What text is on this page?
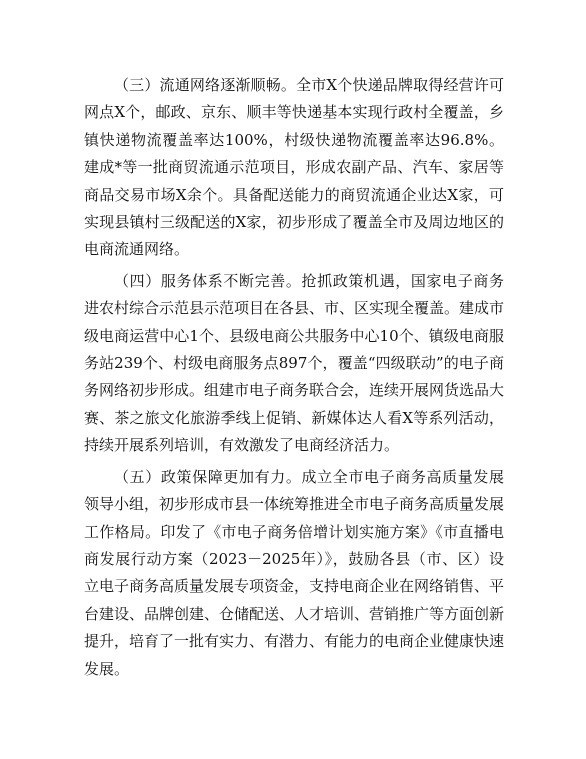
（三）流通网络逐渐顺畅。全市X个快递品牌取得经营许可网点X个，邮政、京东、顺丰等快递基本实现行政村全覆盖，乡镇快递物流覆盖率达100%，村级快递物流覆盖率达96.8%。建成*等一批商贸流通示范项目，形成农副产品、汽车、家居等商品交易市场X余个。具备配送能力的商贸流通企业达X家，可实现县镇村三级配送的X家，初步形成了覆盖全市及周边地区的电商流通网络。

（四）服务体系不断完善。抢抓政策机遇，国家电子商务进农村综合示范县示范项目在各县、市、区实现全覆盖。建成市级电商运营中心1个、县级电商公共服务中心10个、镇级电商服务站239个、村级电商服务点897个，覆盖“四级联动”的电子商务网络初步形成。组建市电子商务联合会，连续开展网货选品大赛、茶之旅文化旅游季线上促销、新媒体达人看X等系列活动，持续开展系列培训，有效激发了电商经济活力。

（五）政策保障更加有力。成立全市电子商务高质量发展领导小组，初步形成市县一体统筹推进全市电子商务高质量发展工作格局。印发了《市电子商务倍增计划实施方案》《市直播电商发展行动方案（2023－2025年）》，鼓励各县（市、区）设立电子商务高质量发展专项资金，支持电商企业在网络销售、平台建设、品牌创建、仓储配送、人才培训、营销推广等方面创新提升，培育了一批有实力、有潜力、有能力的电商企业健康快速发展。
